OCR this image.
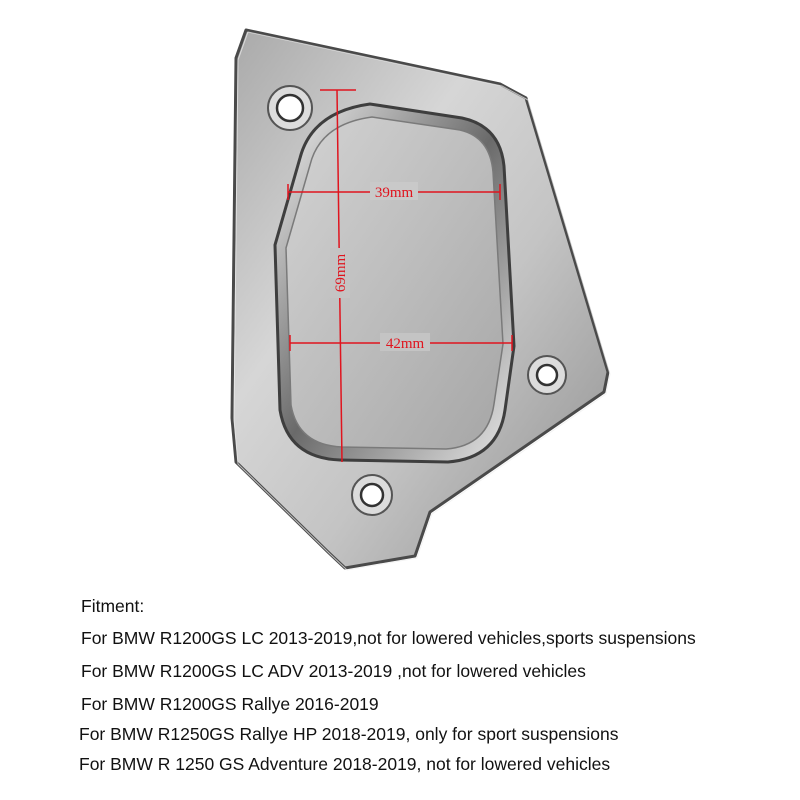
39mm
42mm
69mm

Fitment:

For BMW R1200GS LC 2013-2019,not for lowered vehicles,sports suspensions

For BMW R1200GS LC ADV 2013-2019 ,not for lowered vehicles

For BMW R1200GS Rallye 2016-2019

For BMW R1250GS Rallye HP 2018-2019, only for sport suspensions

For BMW R 1250 GS Adventure 2018-2019, not for lowered vehicles
